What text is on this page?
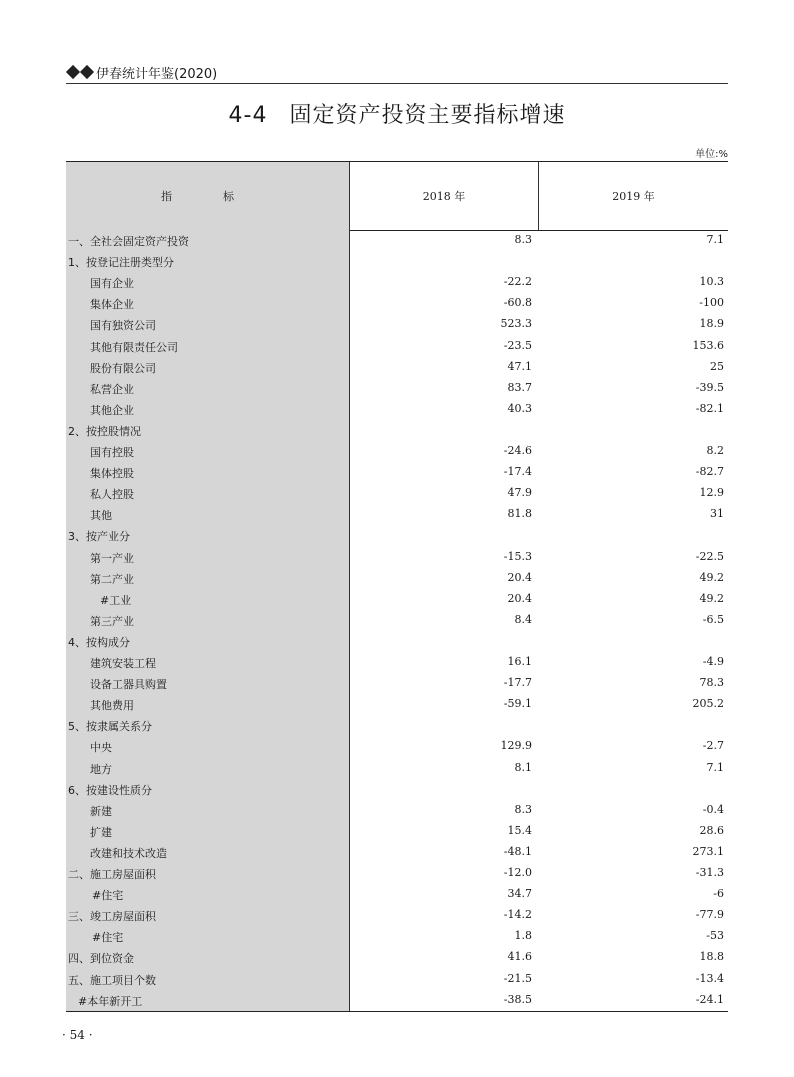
伊春统计年鉴(2020)
4-4 固定资产投资主要指标增速
单位:%
指　标	2018 年	2019 年
一、全社会固定资产投资	8.3	7.1
1、按登记注册类型分
国有企业	-22.2	10.3
集体企业	-60.8	-100
国有独资公司	523.3	18.9
其他有限责任公司	-23.5	153.6
股份有限公司	47.1	25
私营企业	83.7	-39.5
其他企业	40.3	-82.1
2、按控股情况
国有控股	-24.6	8.2
集体控股	-17.4	-82.7
私人控股	47.9	12.9
其他	81.8	31
3、按产业分
第一产业	-15.3	-22.5
第二产业	20.4	49.2
#工业	20.4	49.2
第三产业	8.4	-6.5
4、按构成分
建筑安装工程	16.1	-4.9
设备工器具购置	-17.7	78.3
其他费用	-59.1	205.2
5、按隶属关系分
中央	129.9	-2.7
地方	8.1	7.1
6、按建设性质分
新建	8.3	-0.4
扩建	15.4	28.6
改建和技术改造	-48.1	273.1
二、施工房屋面积	-12.0	-31.3
#住宅	34.7	-6
三、竣工房屋面积	-14.2	-77.9
#住宅	1.8	-53
四、到位资金	41.6	18.8
五、施工项目个数	-21.5	-13.4
#本年新开工	-38.5	-24.1
· 54 ·
